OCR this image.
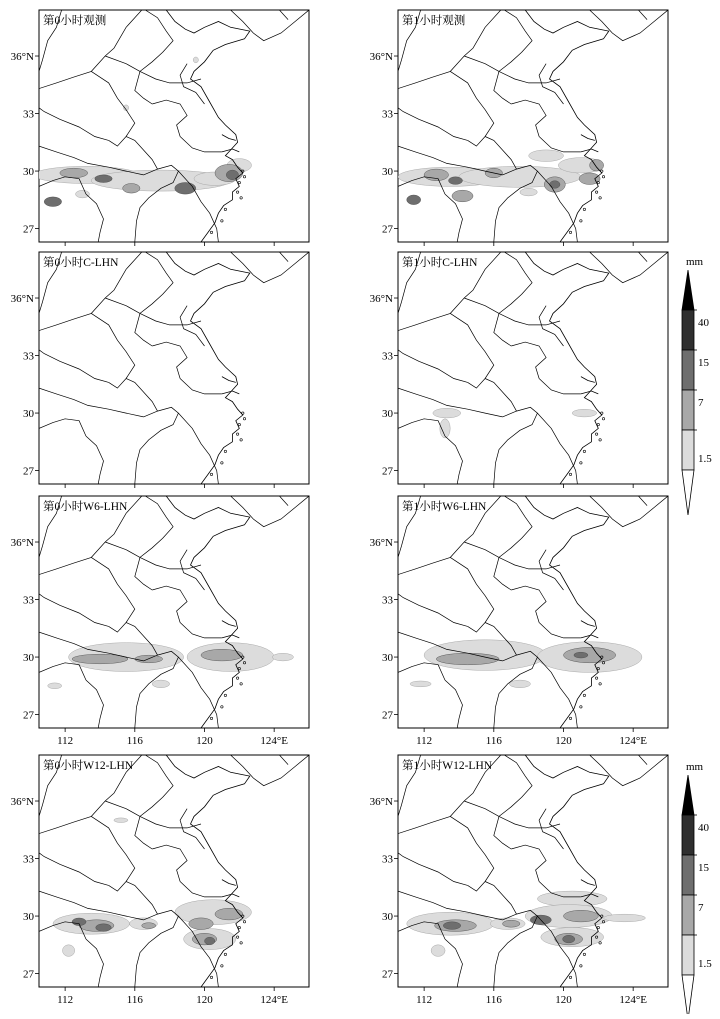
第0小时观测
36°N
33
30
27
第1小时观测
36°N
33
30
27
第0小时C-LHN
36°N
33
30
27
第1小时C-LHN
36°N
33
30
27
第0小时W6-LHN
36°N
33
30
27
112	116	120	124°E
第1小时W6-LHN
36°N
33
30
27
112	116	120	124°E
第0小时W12-LHN
36°N
33
30
27
112	116	120	124°E
第1小时W12-LHN
36°N
33
30
27
112	116	120	124°E
mm
40
15
7
1.5
mm
40
15
7
1.5
